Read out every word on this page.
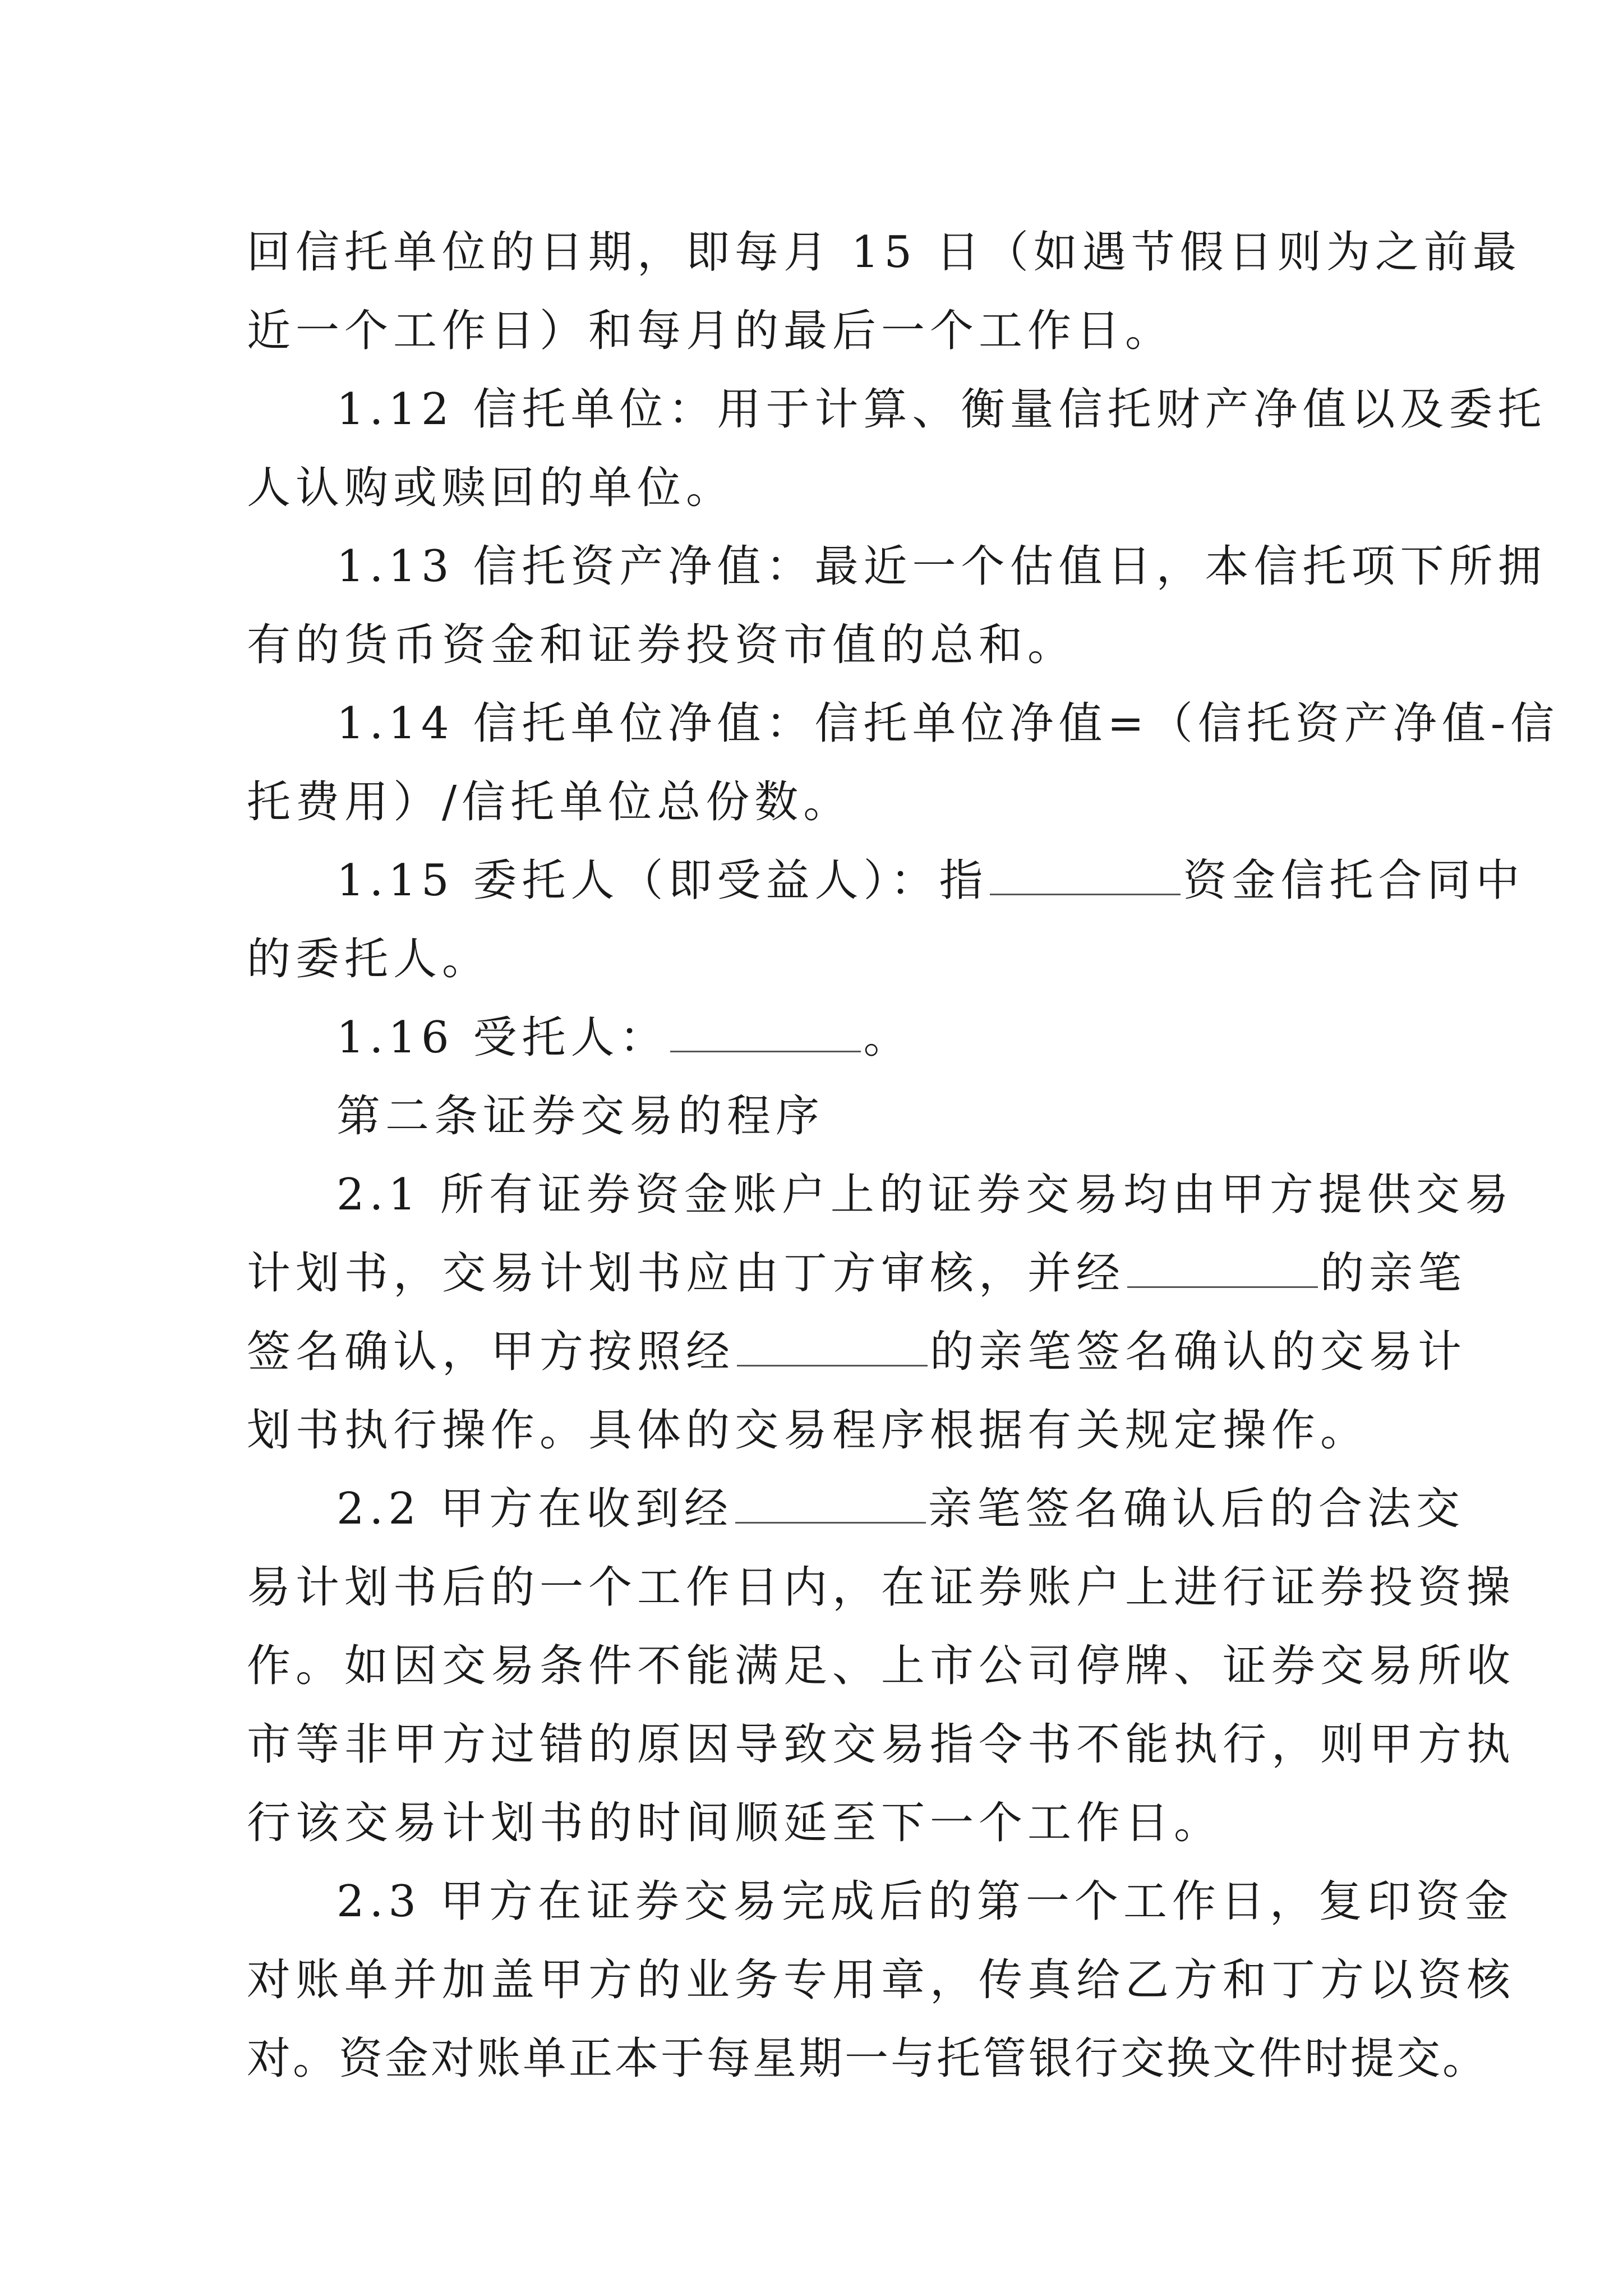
回信托单位的日期，即每月 15 日（如遇节假日则为之前最
近一个工作日）和每月的最后一个工作日。
1.12 信托单位：用于计算、衡量信托财产净值以及委托
人认购或赎回的单位。
1.13 信托资产净值：最近一个估值日，本信托项下所拥
有的货币资金和证券投资市值的总和。
1.14 信托单位净值：信托单位净值=（信托资产净值-信
托费用）/信托单位总份数。
1.15 委托人（即受益人）：指	资金信托合同中
的委托人。
1.16 受托人：	。
第二条证券交易的程序
2.1 所有证券资金账户上的证券交易均由甲方提供交易
计划书，交易计划书应由丁方审核，并经	的亲笔
签名确认，甲方按照经	的亲笔签名确认的交易计
划书执行操作。具体的交易程序根据有关规定操作。
2.2 甲方在收到经	亲笔签名确认后的合法交
易计划书后的一个工作日内，在证券账户上进行证券投资操
作。如因交易条件不能满足、上市公司停牌、证券交易所收
市等非甲方过错的原因导致交易指令书不能执行，则甲方执
行该交易计划书的时间顺延至下一个工作日。
2.3 甲方在证券交易完成后的第一个工作日，复印资金
对账单并加盖甲方的业务专用章，传真给乙方和丁方以资核
对。资金对账单正本于每星期一与托管银行交换文件时提交。
